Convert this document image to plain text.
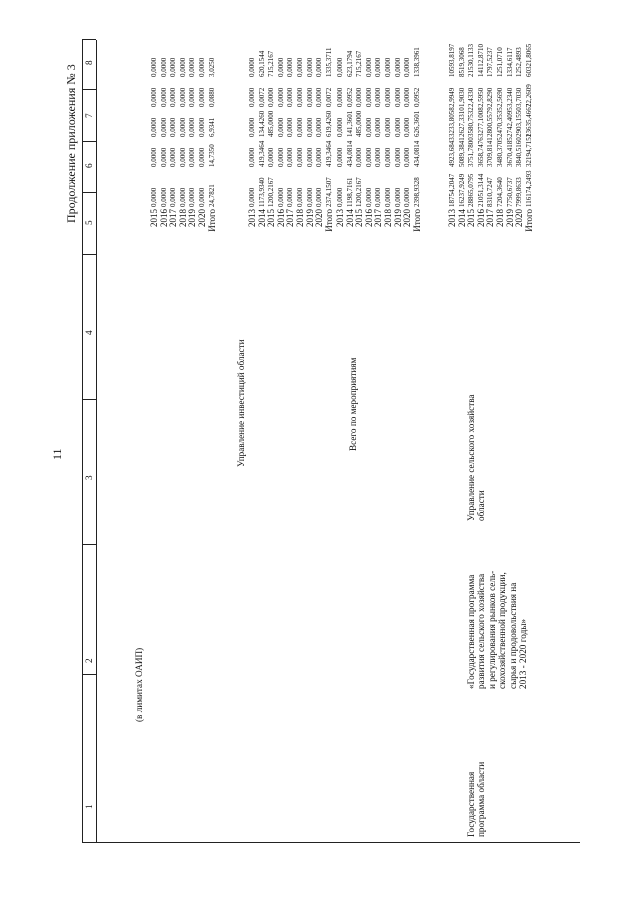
11
Продолжение приложения № 3
1
2
3
4
5
6
7
8
(в лимитах ОАИП)
Управление инвестиций области	Всего по мероприятиям
Государственная программа области
«Государственная программа развития сельского хозяйства и регулирования рынков сель- скохозяйственной продукции, сырья и продовольствия на 2013 - 2020 годы»
Управление сельского хозяйства области
2015 2016 2017 2018 2019 2020 Итого
0,0000
0,0000
0,0000
0,0000
0,0000
0,0000
0,0000
0,0000
0,0000
0,0000
0,0000
0,0000
0,0000
0,0000
0,0000
0,0000
0,0000
0,0000
0,0000
0,0000
0,0000
0,0000
0,0000
0,0000
0,0000
0,0000
0,0000
0,0000
0,0000
0,0000
24,7821
14,7350
6,9341
0,0880
3,0250
2013 2014 2015 2016 2017 2018 2019 2020 Итого
0,0000
0,0000
0,0000
0,0000
0,0000
1173,9340
419,3464
134,4260
0,0072
620,1544
1200,2167
0,0000
485,0000
0,0000
715,2167
0,0000
0,0000
0,0000
0,0000
0,0000
0,0000
0,0000
0,0000
0,0000
0,0000
0,0000
0,0000
0,0000
0,0000
0,0000
0,0000
0,0000
0,0000
0,0000
0,0000
0,0000
0,0000
0,0000
0,0000
0,0000
2374,1507
419,3464
619,4260
0,0072
1335,3711
2013 2014 2015 2016 2017 2018 2019 2020 Итого
0,0000
0,0000
0,0000
0,0000
0,0000
1198,7161
434,0814
141,3601
0,0952
623,1794
1200,2167
0,0000
485,0000
0,0000
715,2167
0,0000
0,0000
0,0000
0,0000
0,0000
0,0000
0,0000
0,0000
0,0000
0,0000
0,0000
0,0000
0,0000
0,0000
0,0000
0,0000
0,0000
0,0000
0,0000
0,0000
0,0000
0,0000
0,0000
0,0000
0,0000
2398,9328
434,0814
626,3601
0,0952
1338,3961
2013 2014 2015 2016 2017 2018 2019 2020 Итого
18754,2047
4923,6843
3233,8058
2,9949
10593,8197
16237,9249
5089,3841
2627,3310
1,9030
8519,3068
28865,0795
3751,7800
3580,7532
2,4330
21530,1133
21051,3144
3658,7476
3277,1008
2,5950
14112,8710
8310,7247
3709,8141
2800,5579
2,8290
1797,5237
7204,3640
3480,3705
2470,3535
2,5690
1251,0710
7750,6737
3670,4185
2742,4095
3,2340
1334,6117
7999,8633
3840,5160
2903,1550
3,7030
1252,4893
116174,2493
32194,7151
23635,4667
22,2609
60321,8065
